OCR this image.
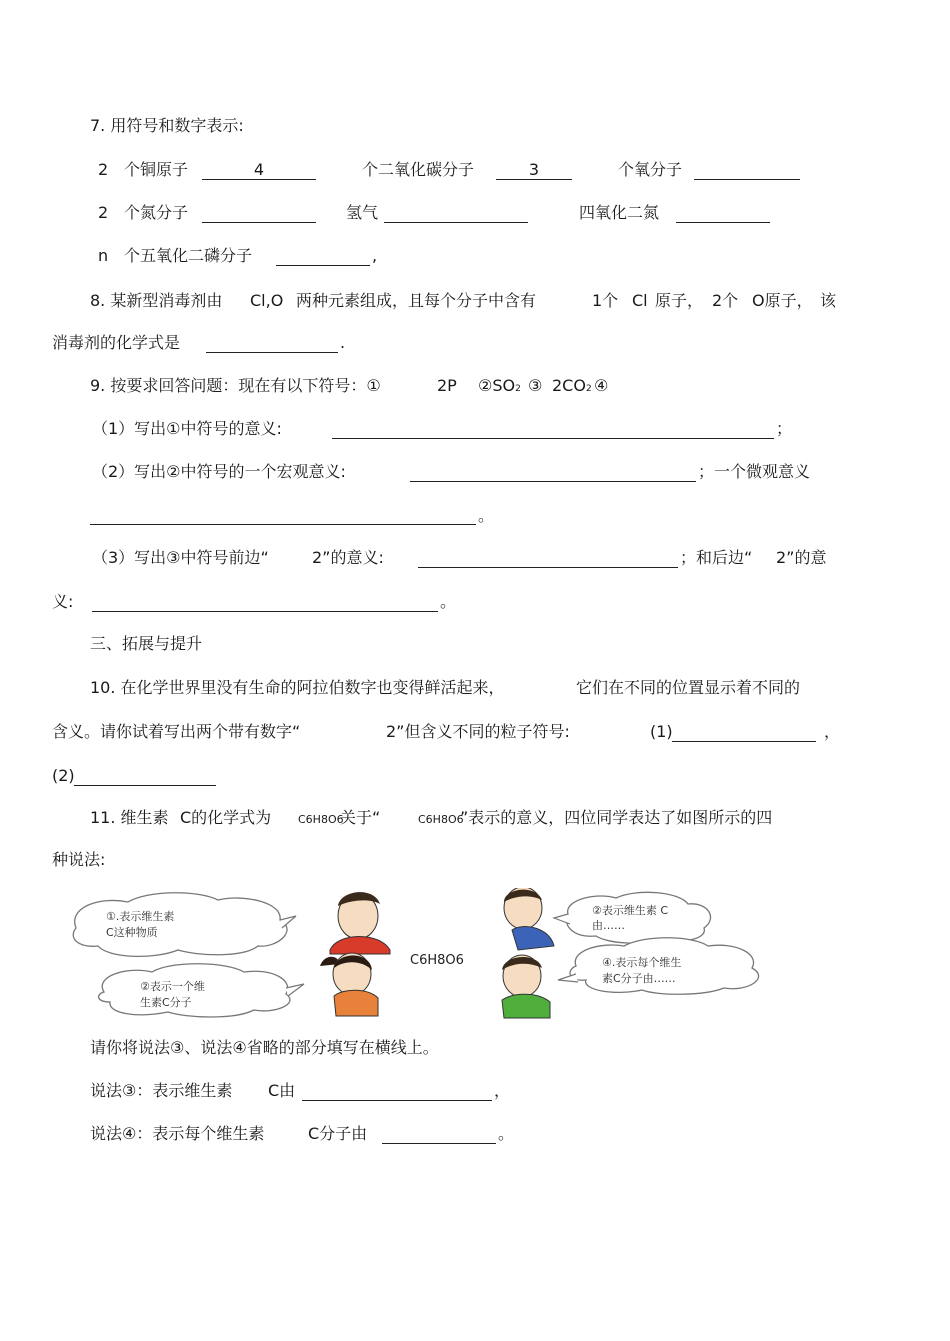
7. 用符号和数字表示:
2 个铜原子	4	个二氧化碳分子	3	个氧分子
2 个氮分子	氢气	四氧化二氮
n 个五氧化二磷分子	,
8. 某新型消毒剂由 Cl,O 两种元素组成，且每个分子中含有	1个 Cl 原子， 2个 O原子， 该
消毒剂的化学式是	.
9. 按要求回答问题：现在有以下符号：①	2P ②SO2 ③ 2CO2 ④
（1）写出①中符号的意义:	；
（2）写出②中符号的一个宏观意义:	；一个微观意义
。
（3）写出③中符号前边“	2”的意义:	；和后边“ 2”的意
义:	。
三、拓展与提升
10. 在化学世界里没有生命的阿拉伯数字也变得鲜活起来，	它们在不同的位置显示着不同的
含义。请你试着写出两个带有数字“	2”但含义不同的粒子符号:	(1)	，
(2)
11. 维生素 C的化学式为 C6H8O6
关于“	C6H8O6
”表示的意义，四位同学表达了如图所示的四
种说法:
①.表示维生素
C这种物质
②表示维生素 C
由……
C6H8O6
②表示一个维
生素C分子
④.表示每个维生
素C分子由……
请你将说法③、说法④省略的部分填写在横线上。
说法③：表示维生素 C由	，
说法④：表示每个维生素	C分子由	。
